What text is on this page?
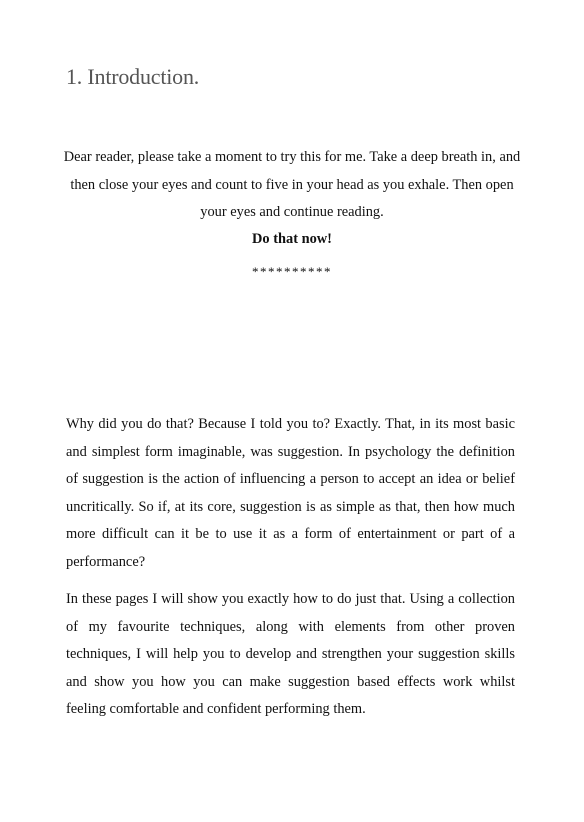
1. Introduction.

Dear reader, please take a moment to try this for me. Take a deep breath in, and then close your eyes and count to five in your head as you exhale. Then open your eyes and continue reading.

Do that now!

**********

Why did you do that? Because I told you to? Exactly. That, in its most basic and simplest form imaginable, was suggestion. In psychology the definition of suggestion is the action of influencing a person to accept an idea or belief uncritically. So if, at its core, suggestion is as simple as that, then how much more difficult can it be to use it as a form of entertainment or part of a performance?

In these pages I will show you exactly how to do just that. Using a collection of my favourite techniques, along with elements from other proven techniques, I will help you to develop and strengthen your suggestion skills and show you how you can make suggestion based effects work whilst feeling comfortable and confident performing them.
